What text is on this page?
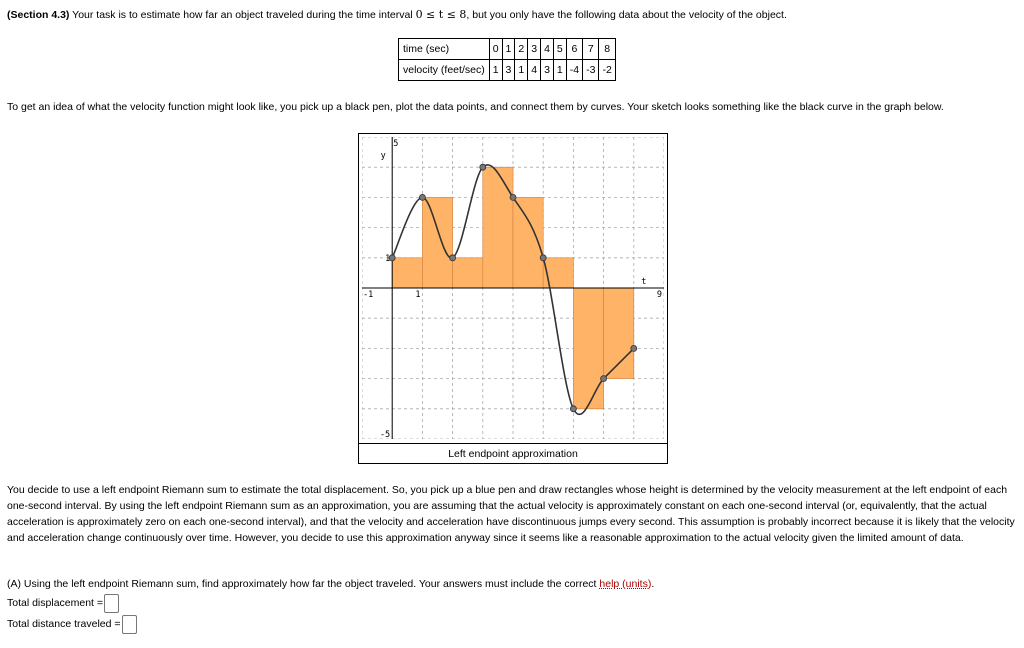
(Section 4.3) Your task is to estimate how far an object traveled during the time interval 0 ≤ t ≤ 8, but you only have the following data about the velocity of the object.
time (sec)	0	1	2	3	4	5	6	7	8
velocity (feet/sec)	1	3	1	4	3	1	-4	-3	-2
To get an idea of what the velocity function might look like, you pick up a black pen, plot the data points, and connect them by curves. Your sketch looks something like the black curve in the graph below.
5
y
1
1
-1	9
t
-5
Left endpoint approximation
You decide to use a left endpoint Riemann sum to estimate the total displacement. So, you pick up a blue pen and draw rectangles whose height is determined by the velocity measurement at the left endpoint of each one-second interval. By using the left endpoint Riemann sum as an approximation, you are assuming that the actual velocity is approximately constant on each one-second interval (or, equivalently, that the actual acceleration is approximately zero on each one-second interval), and that the velocity and acceleration have discontinuous jumps every second. This assumption is probably incorrect because it is likely that the velocity and acceleration change continuously over time. However, you decide to use this approximation anyway since it seems like a reasonable approximation to the actual velocity given the limited amount of data.
(A) Using the left endpoint Riemann sum, find approximately how far the object traveled. Your answers must include the correct help (units).
Total displacement =
Total distance traveled =
